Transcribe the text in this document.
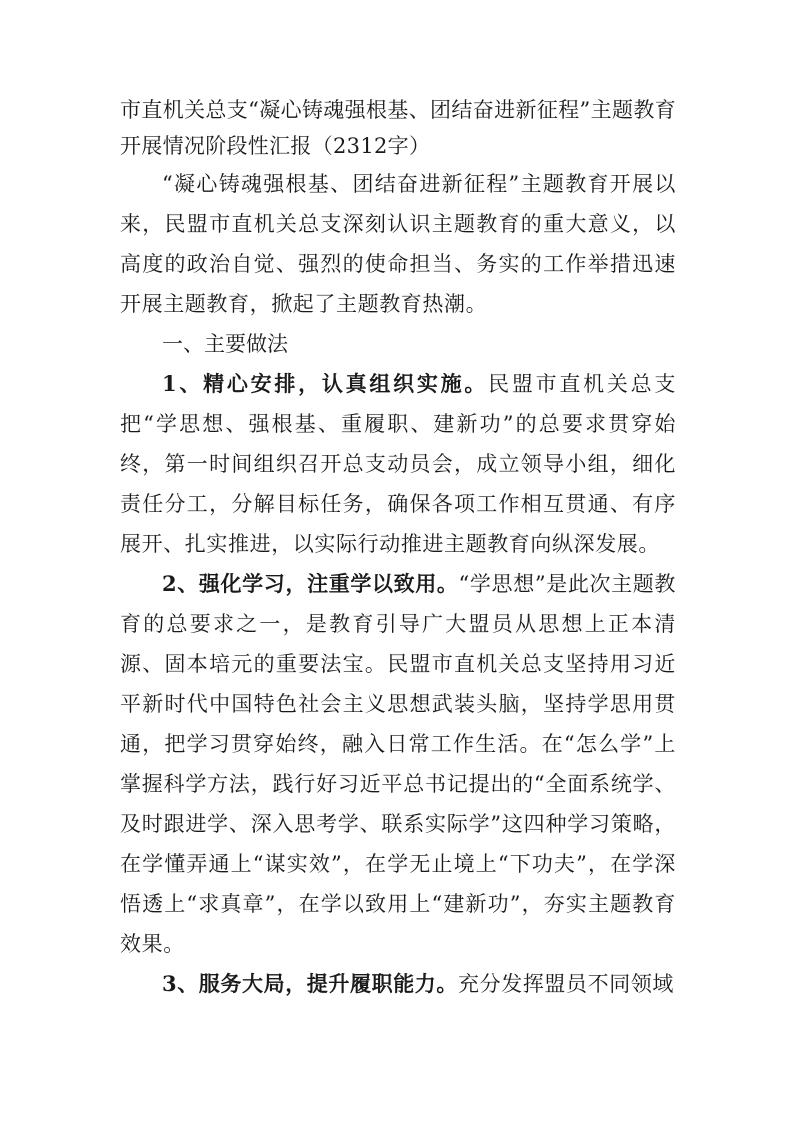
市直机关总支“凝心铸魂强根基、团结奋进新征程”主题教育开展情况阶段性汇报（2312字）

“凝心铸魂强根基、团结奋进新征程”主题教育开展以来，民盟市直机关总支深刻认识主题教育的重大意义，以高度的政治自觉、强烈的使命担当、务实的工作举措迅速开展主题教育，掀起了主题教育热潮。

一、主要做法

1、精心安排，认真组织实施。民盟市直机关总支把“学思想、强根基、重履职、建新功”的总要求贯穿始终，第一时间组织召开总支动员会，成立领导小组，细化责任分工，分解目标任务，确保各项工作相互贯通、有序展开、扎实推进，以实际行动推进主题教育向纵深发展。

2、强化学习，注重学以致用。“学思想”是此次主题教育的总要求之一，是教育引导广大盟员从思想上正本清源、固本培元的重要法宝。民盟市直机关总支坚持用习近平新时代中国特色社会主义思想武装头脑，坚持学思用贯通，把学习贯穿始终，融入日常工作生活。在“怎么学”上掌握科学方法，践行好习近平总书记提出的“全面系统学、及时跟进学、深入思考学、联系实际学”这四种学习策略，在学懂弄通上“谋实效”，在学无止境上“下功夫”，在学深悟透上“求真章”，在学以致用上“建新功”，夯实主题教育效果。

3、服务大局，提升履职能力。充分发挥盟员不同领域
